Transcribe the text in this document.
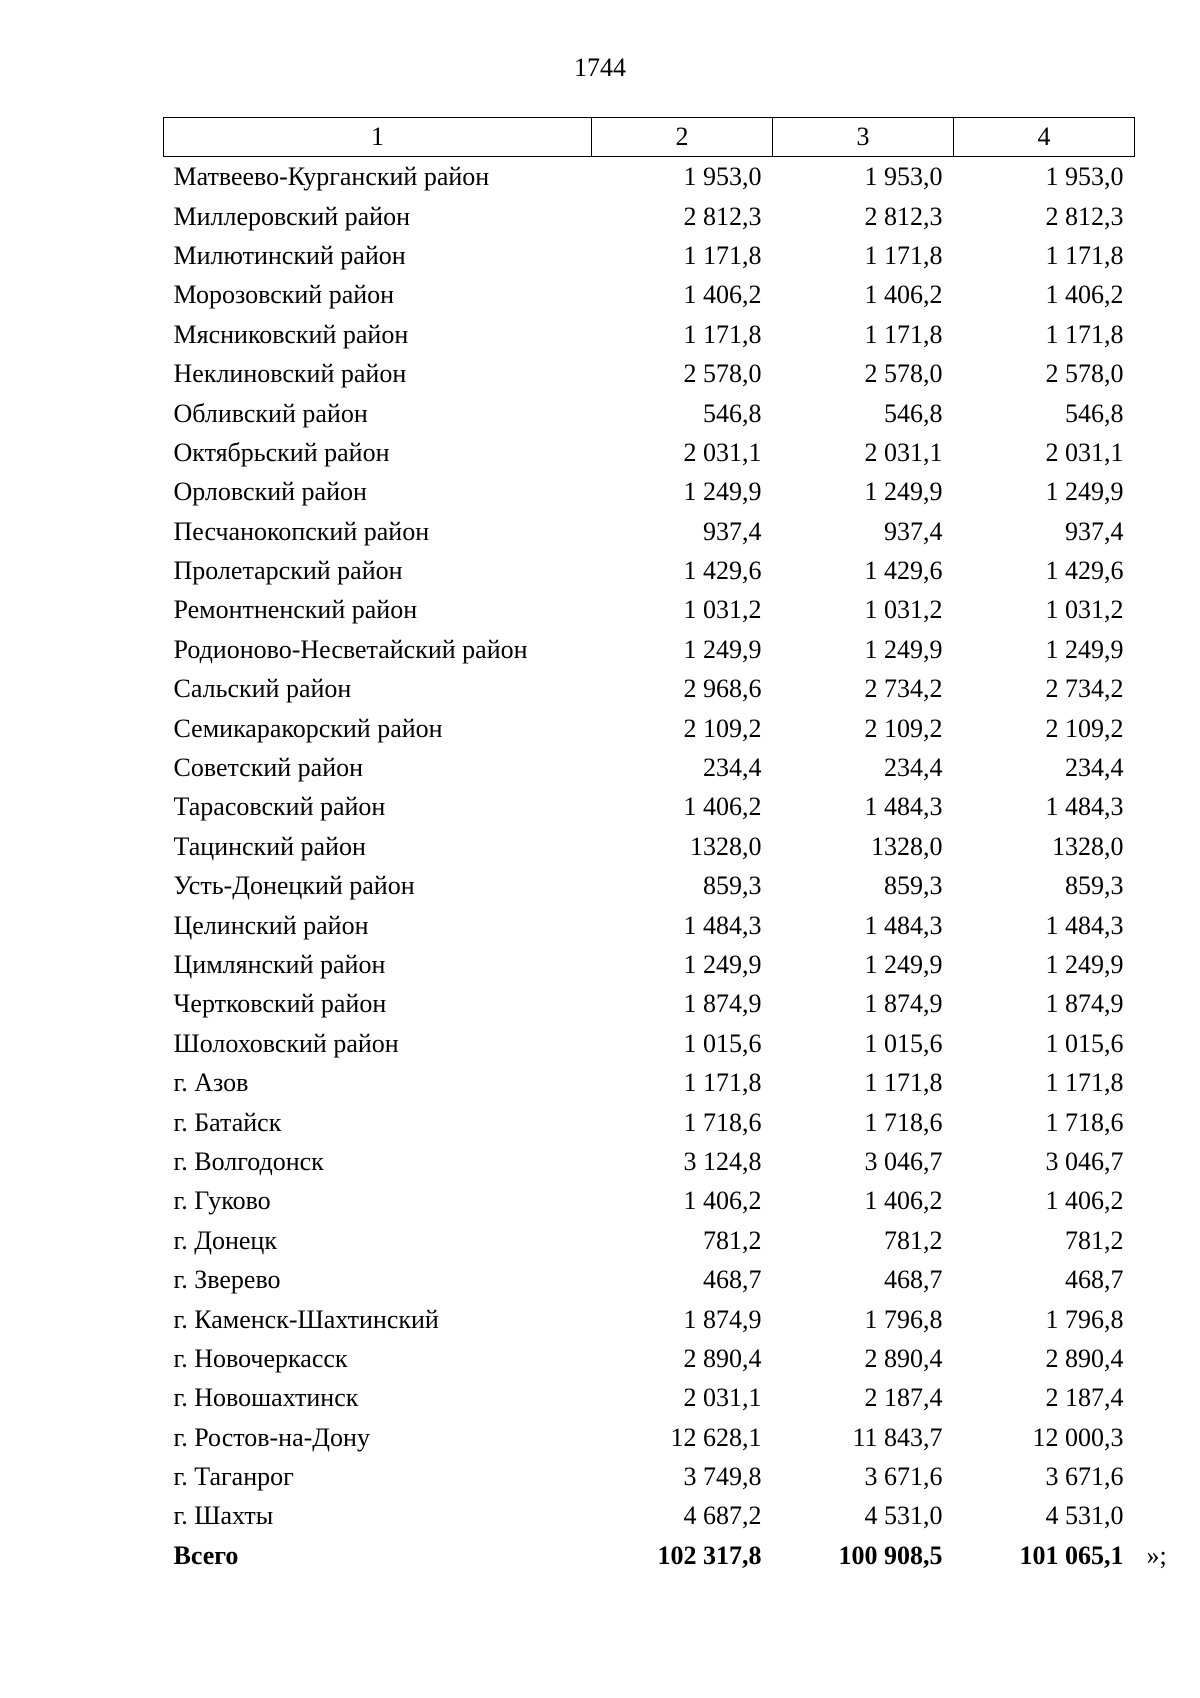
1744
1	2	3	4
Матвеево-Курганский район	1 953,0	1 953,0	1 953,0
Миллеровский район	2 812,3	2 812,3	2 812,3
Милютинский район	1 171,8	1 171,8	1 171,8
Морозовский район	1 406,2	1 406,2	1 406,2
Мясниковский район	1 171,8	1 171,8	1 171,8
Неклиновский район	2 578,0	2 578,0	2 578,0
Обливский район	546,8	546,8	546,8
Октябрьский район	2 031,1	2 031,1	2 031,1
Орловский район	1 249,9	1 249,9	1 249,9
Песчанокопский район	937,4	937,4	937,4
Пролетарский район	1 429,6	1 429,6	1 429,6
Ремонтненский район	1 031,2	1 031,2	1 031,2
Родионово-Несветайский район	1 249,9	1 249,9	1 249,9
Сальский район	2 968,6	2 734,2	2 734,2
Семикаракорский район	2 109,2	2 109,2	2 109,2
Советский район	234,4	234,4	234,4
Тарасовский район	1 406,2	1 484,3	1 484,3
Тацинский район	1328,0	1328,0	1328,0
Усть-Донецкий район	859,3	859,3	859,3
Целинский район	1 484,3	1 484,3	1 484,3
Цимлянский район	1 249,9	1 249,9	1 249,9
Чертковский район	1 874,9	1 874,9	1 874,9
Шолоховский район	1 015,6	1 015,6	1 015,6
г. Азов	1 171,8	1 171,8	1 171,8
г. Батайск	1 718,6	1 718,6	1 718,6
г. Волгодонск	3 124,8	3 046,7	3 046,7
г. Гуково	1 406,2	1 406,2	1 406,2
г. Донецк	781,2	781,2	781,2
г. Зверево	468,7	468,7	468,7
г. Каменск-Шахтинский	1 874,9	1 796,8	1 796,8
г. Новочеркасск	2 890,4	2 890,4	2 890,4
г. Новошахтинск	2 031,1	2 187,4	2 187,4
г. Ростов-на-Дону	12 628,1	11 843,7	12 000,3
г. Таганрог	3 749,8	3 671,6	3 671,6
г. Шахты	4 687,2	4 531,0	4 531,0
Всего	102 317,8	100 908,5	101 065,1 »;
